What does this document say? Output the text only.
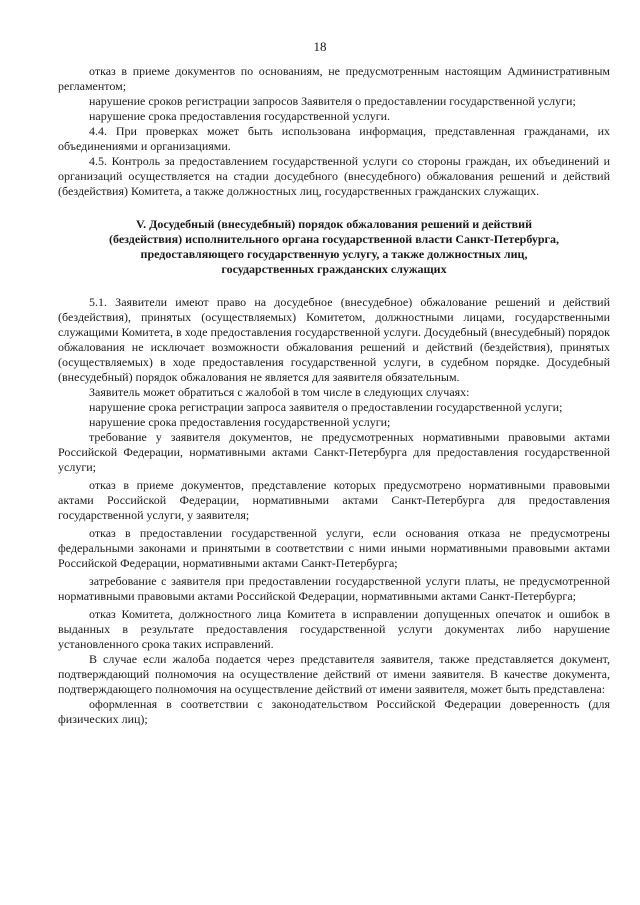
18

отказ в приеме документов по основаниям, не предусмотренным настоящим Административным регламентом;

нарушение сроков регистрации запросов Заявителя о предоставлении государственной услуги;

нарушение срока предоставления государственной услуги.

4.4. При проверках может быть использована информация, представленная гражданами, их объединениями и организациями.

4.5. Контроль за предоставлением государственной услуги со стороны граждан, их объединений и организаций осуществляется на стадии досудебного (внесудебного) обжалования решений и действий (бездействия) Комитета, а также должностных лиц, государственных гражданских служащих.

V. Досудебный (внесудебный) порядок обжалования решений и действий (бездействия) исполнительного органа государственной власти Санкт-Петербурга, предоставляющего государственную услугу, а также должностных лиц, государственных гражданских служащих

5.1. Заявители имеют право на досудебное (внесудебное) обжалование решений и действий (бездействия), принятых (осуществляемых) Комитетом, должностными лицами, государственными служащими Комитета, в ходе предоставления государственной услуги. Досудебный (внесудебный) порядок обжалования не исключает возможности обжалования решений и действий (бездействия), принятых (осуществляемых) в ходе предоставления государственной услуги, в судебном порядке. Досудебный (внесудебный) порядок обжалования не является для заявителя обязательным.

Заявитель может обратиться с жалобой в том числе в следующих случаях:

нарушение срока регистрации запроса заявителя о предоставлении государственной услуги;

нарушение срока предоставления государственной услуги;

требование у заявителя документов, не предусмотренных нормативными правовыми актами Российской Федерации, нормативными актами Санкт-Петербурга для предоставления государственной услуги;

отказ в приеме документов, представление которых предусмотрено нормативными правовыми актами Российской Федерации, нормативными актами Санкт-Петербурга для предоставления государственной услуги, у заявителя;

отказ в предоставлении государственной услуги, если основания отказа не предусмотрены федеральными законами и принятыми в соответствии с ними иными нормативными правовыми актами Российской Федерации, нормативными актами Санкт-Петербурга;

затребование с заявителя при предоставлении государственной услуги платы, не предусмотренной нормативными правовыми актами Российской Федерации, нормативными актами Санкт-Петербурга;

отказ Комитета, должностного лица Комитета в исправлении допущенных опечаток и ошибок в выданных в результате предоставления государственной услуги документах либо нарушение установленного срока таких исправлений.

В случае если жалоба подается через представителя заявителя, также представляется документ, подтверждающий полномочия на осуществление действий от имени заявителя. В качестве документа, подтверждающего полномочия на осуществление действий от имени заявителя, может быть представлена:

оформленная в соответствии с законодательством Российской Федерации доверенность (для физических лиц);
